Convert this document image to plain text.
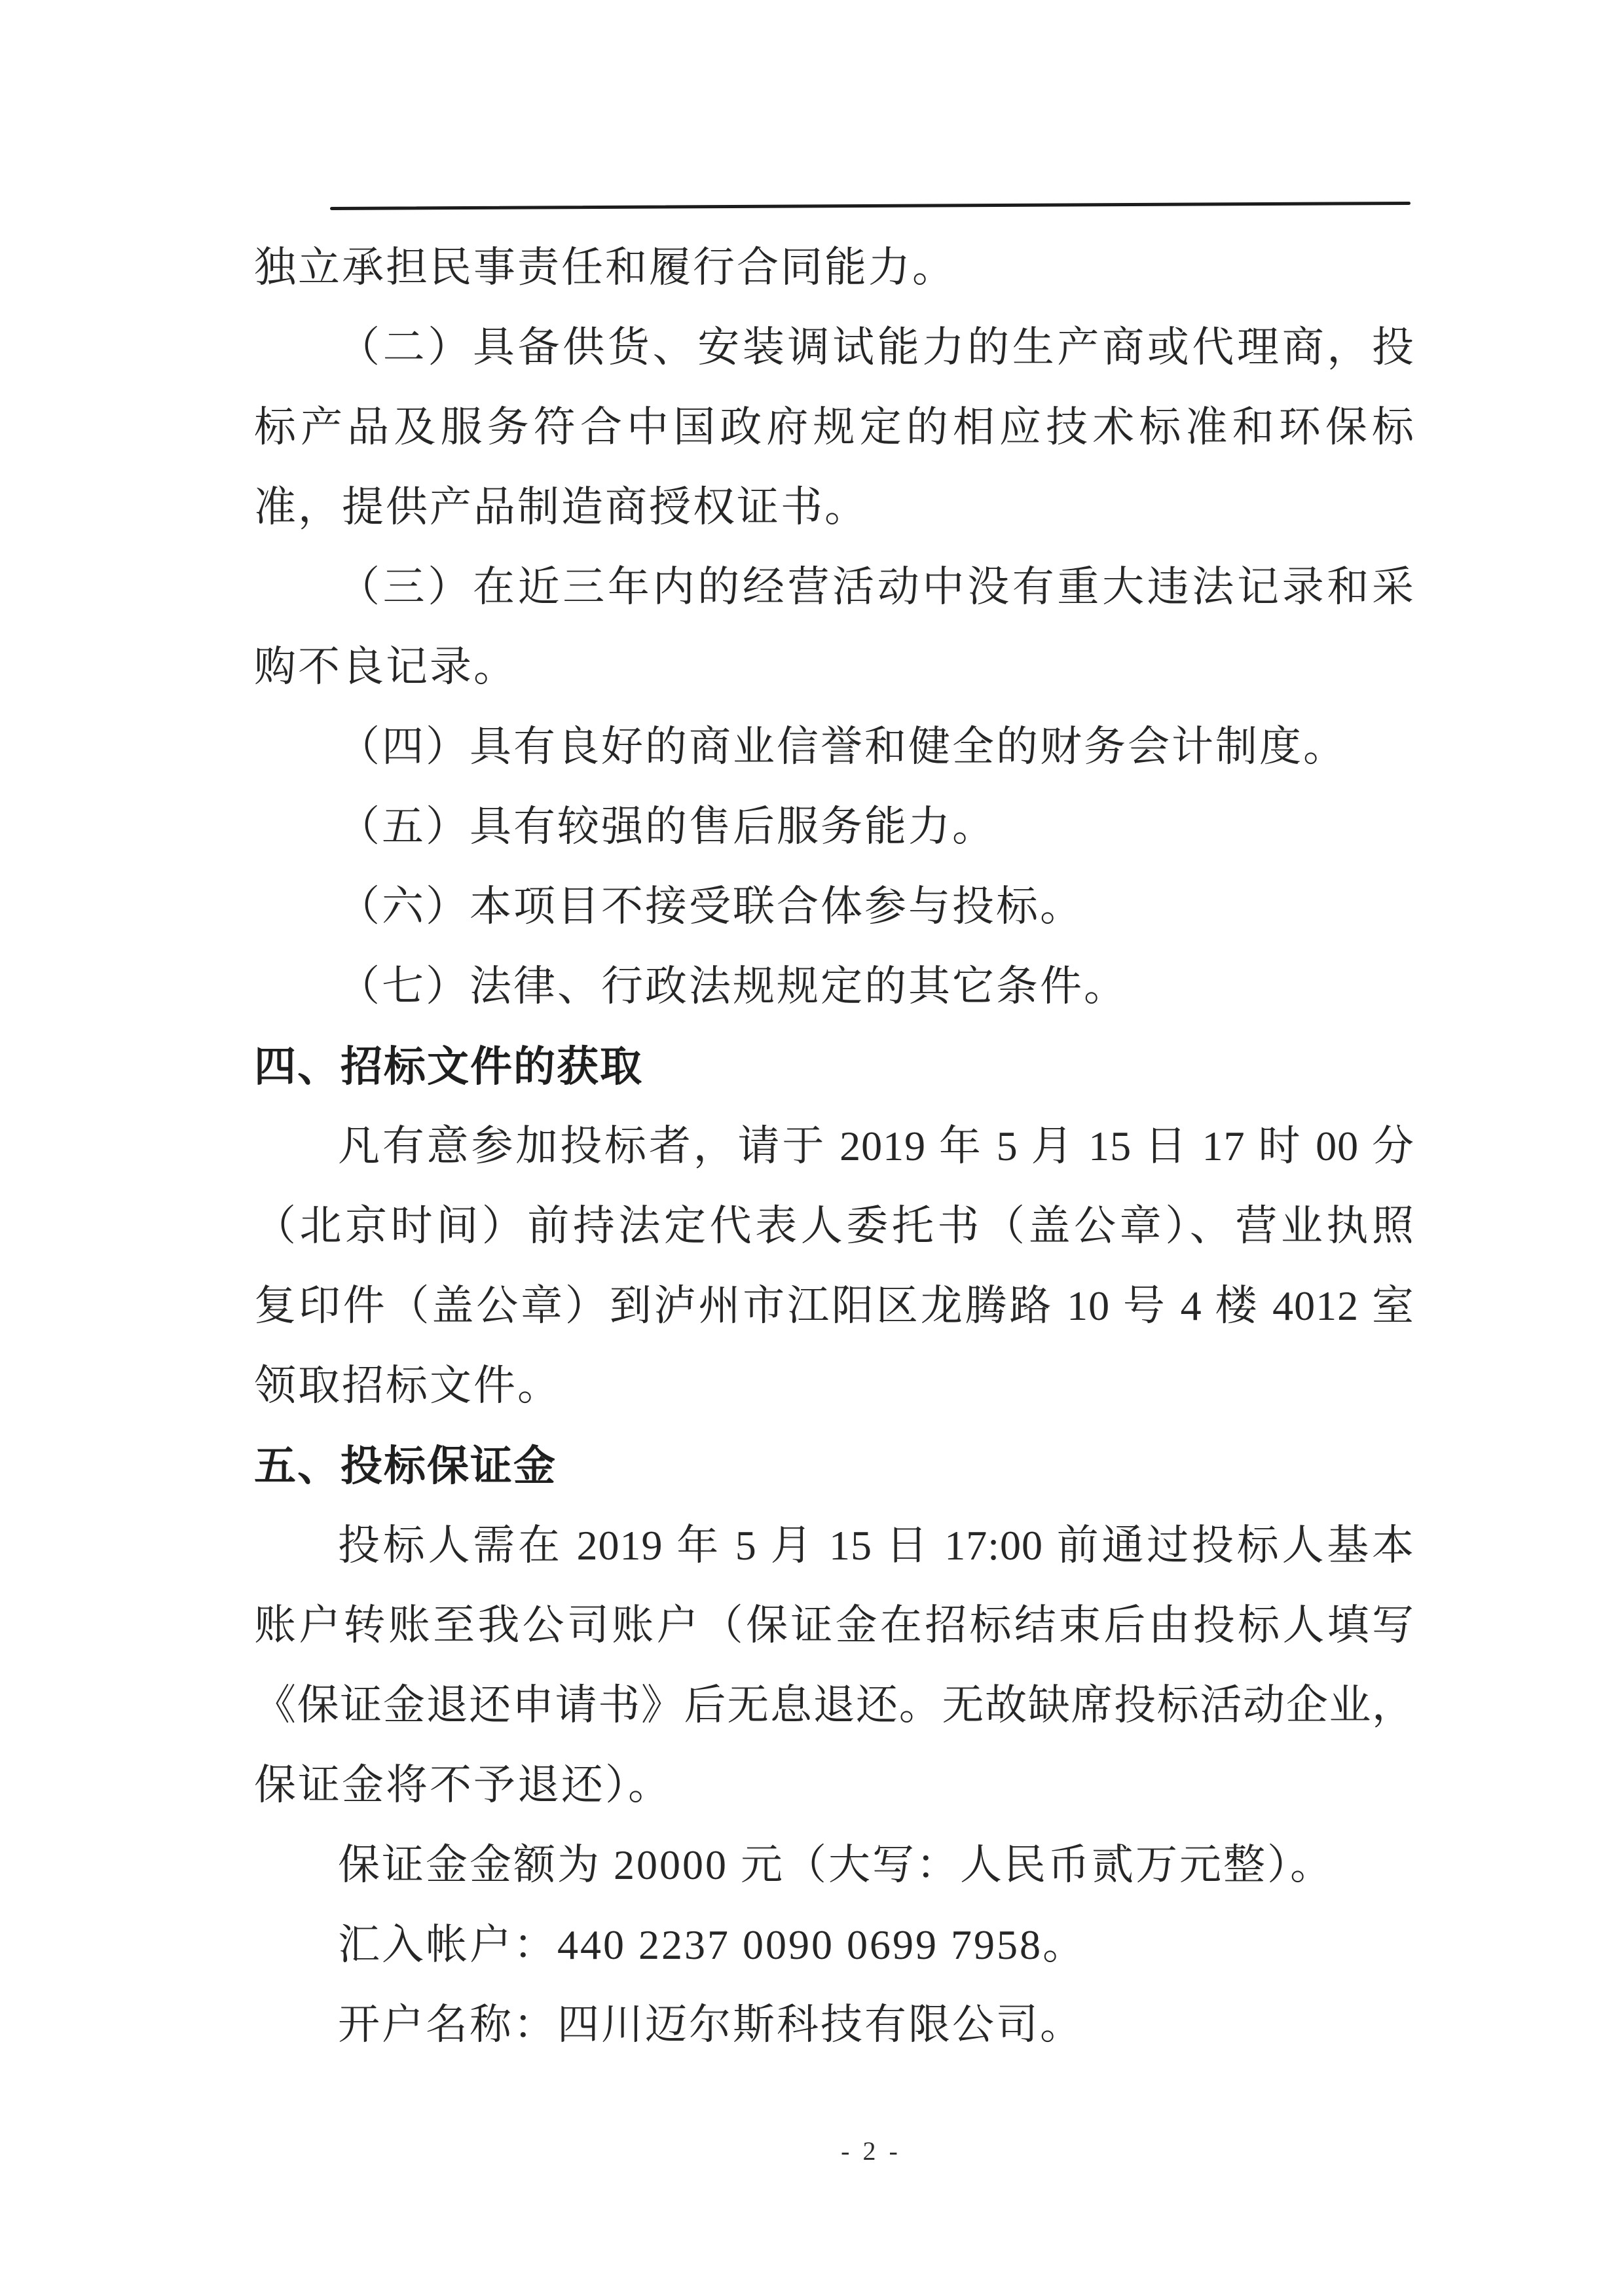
独立承担民事责任和履行合同能力。
（二）具备供货、安装调试能力的生产商或代理商，投
标产品及服务符合中国政府规定的相应技术标准和环保标
准，提供产品制造商授权证书。
（三）在近三年内的经营活动中没有重大违法记录和采
购不良记录。
（四）具有良好的商业信誉和健全的财务会计制度。
（五）具有较强的售后服务能力。
（六）本项目不接受联合体参与投标。
（七）法律、行政法规规定的其它条件。
四、招标文件的获取
凡有意参加投标者，请于 2019 年 5 月 15 日 17 时 00 分
（北京时间）前持法定代表人委托书（盖公章）、营业执照
复印件（盖公章）到泸州市江阳区龙腾路 10 号 4 楼 4012 室
领取招标文件。
五、投标保证金
投标人需在 2019 年 5 月 15 日 17:00 前通过投标人基本
账户转账至我公司账户（保证金在招标结束后由投标人填写
《保证金退还申请书》后无息退还。无故缺席投标活动企业，
保证金将不予退还）。
保证金金额为 20000 元（大写：人民币贰万元整）。
汇入帐户：440 2237 0090 0699 7958。
开户名称：四川迈尔斯科技有限公司。
- 2 -
